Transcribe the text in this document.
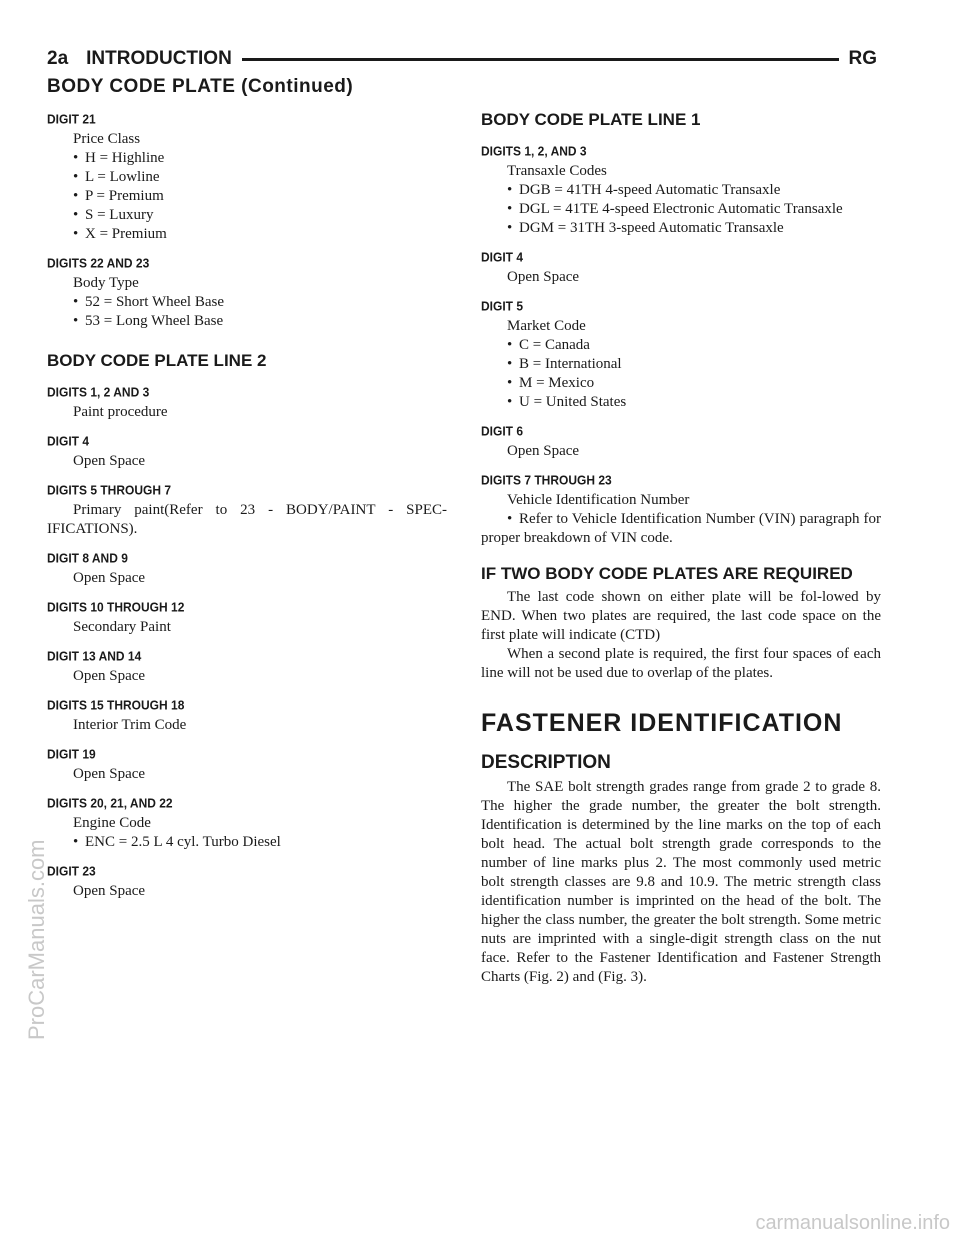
2a INTRODUCTION	RG
BODY CODE PLATE (Continued)
DIGIT 21
Price Class
• H = Highline
• L = Lowline
• P = Premium
• S = Luxury
• X = Premium
DIGITS 22 AND 23
Body Type
• 52 = Short Wheel Base
• 53 = Long Wheel Base
BODY CODE PLATE LINE 2
DIGITS 1, 2 AND 3
Paint procedure
DIGIT 4
Open Space
DIGITS 5 THROUGH 7
Primary paint(Refer to 23 - BODY/PAINT - SPEC-IFICATIONS).
DIGIT 8 AND 9
Open Space
DIGITS 10 THROUGH 12
Secondary Paint
DIGIT 13 AND 14
Open Space
DIGITS 15 THROUGH 18
Interior Trim Code
DIGIT 19
Open Space
DIGITS 20, 21, AND 22
Engine Code
• ENC = 2.5 L 4 cyl. Turbo Diesel
DIGIT 23
Open Space
BODY CODE PLATE LINE 1
DIGITS 1, 2, AND 3
Transaxle Codes
• DGB = 41TH 4-speed Automatic Transaxle
• DGL = 41TE 4-speed Electronic Automatic Transaxle
• DGM = 31TH 3-speed Automatic Transaxle
DIGIT 4
Open Space
DIGIT 5
Market Code
• C = Canada
• B = International
• M = Mexico
• U = United States
DIGIT 6
Open Space
DIGITS 7 THROUGH 23
Vehicle Identification Number
• Refer to Vehicle Identification Number (VIN) paragraph for proper breakdown of VIN code.
IF TWO BODY CODE PLATES ARE REQUIRED
The last code shown on either plate will be fol-lowed by END. When two plates are required, the last code space on the first plate will indicate (CTD)
When a second plate is required, the first four spaces of each line will not be used due to overlap of the plates.
FASTENER IDENTIFICATION
DESCRIPTION
The SAE bolt strength grades range from grade 2 to grade 8. The higher the grade number, the greater the bolt strength. Identification is determined by the line marks on the top of each bolt head. The actual bolt strength grade corresponds to the number of line marks plus 2. The most commonly used metric bolt strength classes are 9.8 and 10.9. The metric strength class identification number is imprinted on the head of the bolt. The higher the class number, the greater the bolt strength. Some metric nuts are imprinted with a single-digit strength class on the nut face. Refer to the Fastener Identification and Fastener Strength Charts (Fig. 2) and (Fig. 3).
ProCarManuals.com
carmanualsonline.info
